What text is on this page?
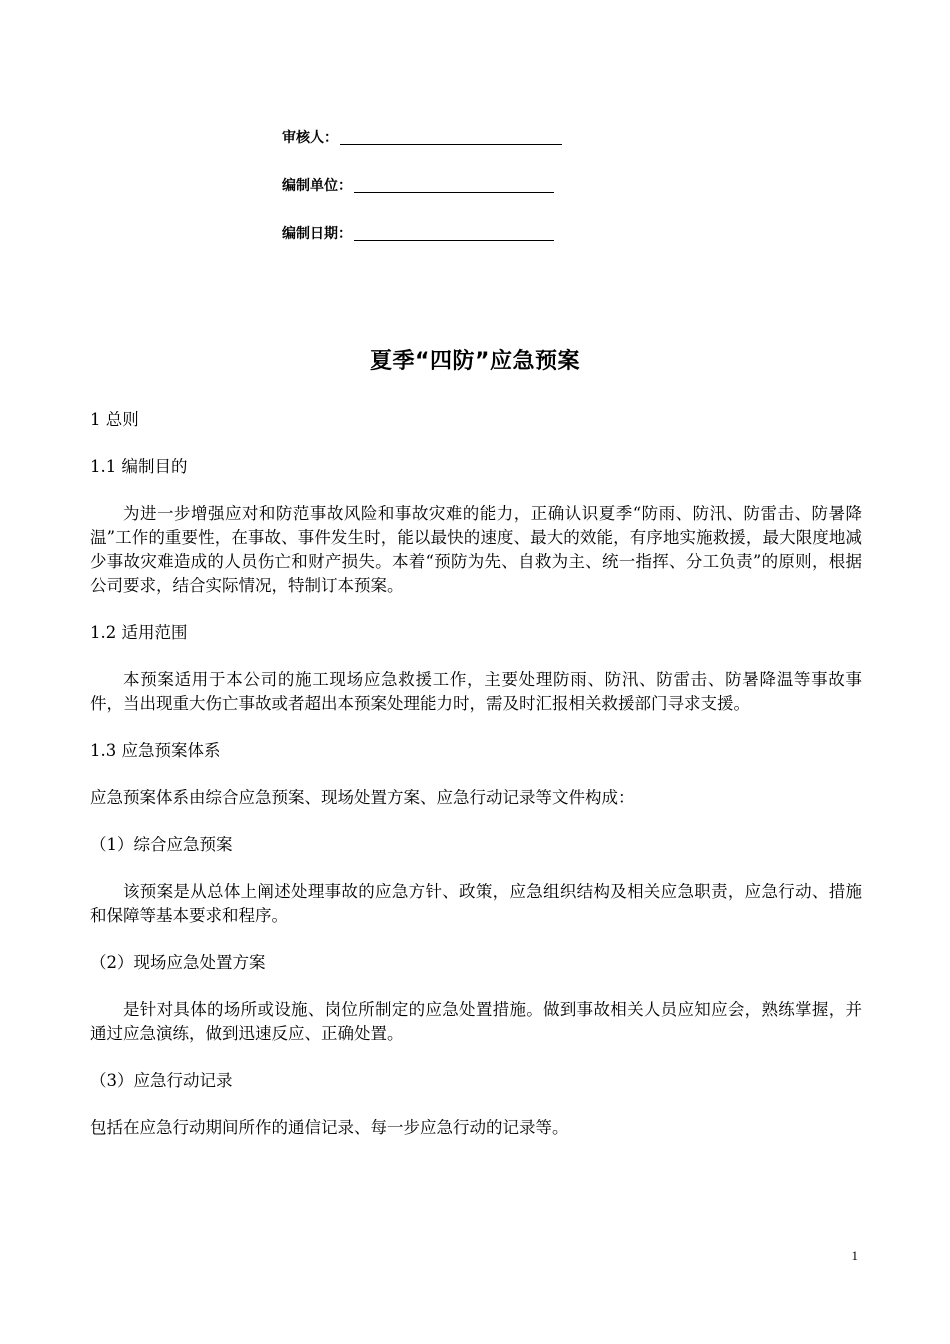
审核人：
编制单位：
编制日期：
夏季“四防”应急预案

1 总则

1.1 编制目的

为进一步增强应对和防范事故风险和事故灾难的能力，正确认识夏季“防雨、防汛、防雷击、防暑降温”工作的重要性，在事故、事件发生时，能以最快的速度、最大的效能，有序地实施救援，最大限度地减少事故灾难造成的人员伤亡和财产损失。本着“预防为先、自救为主、统一指挥、分工负责”的原则，根据公司要求，结合实际情况，特制订本预案。

1.2 适用范围

本预案适用于本公司的施工现场应急救援工作，主要处理防雨、防汛、防雷击、防暑降温等事故事件，当出现重大伤亡事故或者超出本预案处理能力时，需及时汇报相关救援部门寻求支援。

1.3 应急预案体系

应急预案体系由综合应急预案、现场处置方案、应急行动记录等文件构成：

（1）综合应急预案

该预案是从总体上阐述处理事故的应急方针、政策，应急组织结构及相关应急职责，应急行动、措施和保障等基本要求和程序。

（2）现场应急处置方案

是针对具体的场所或设施、岗位所制定的应急处置措施。做到事故相关人员应知应会，熟练掌握，并通过应急演练，做到迅速反应、正确处置。

（3）应急行动记录

包括在应急行动期间所作的通信记录、每一步应急行动的记录等。

1
